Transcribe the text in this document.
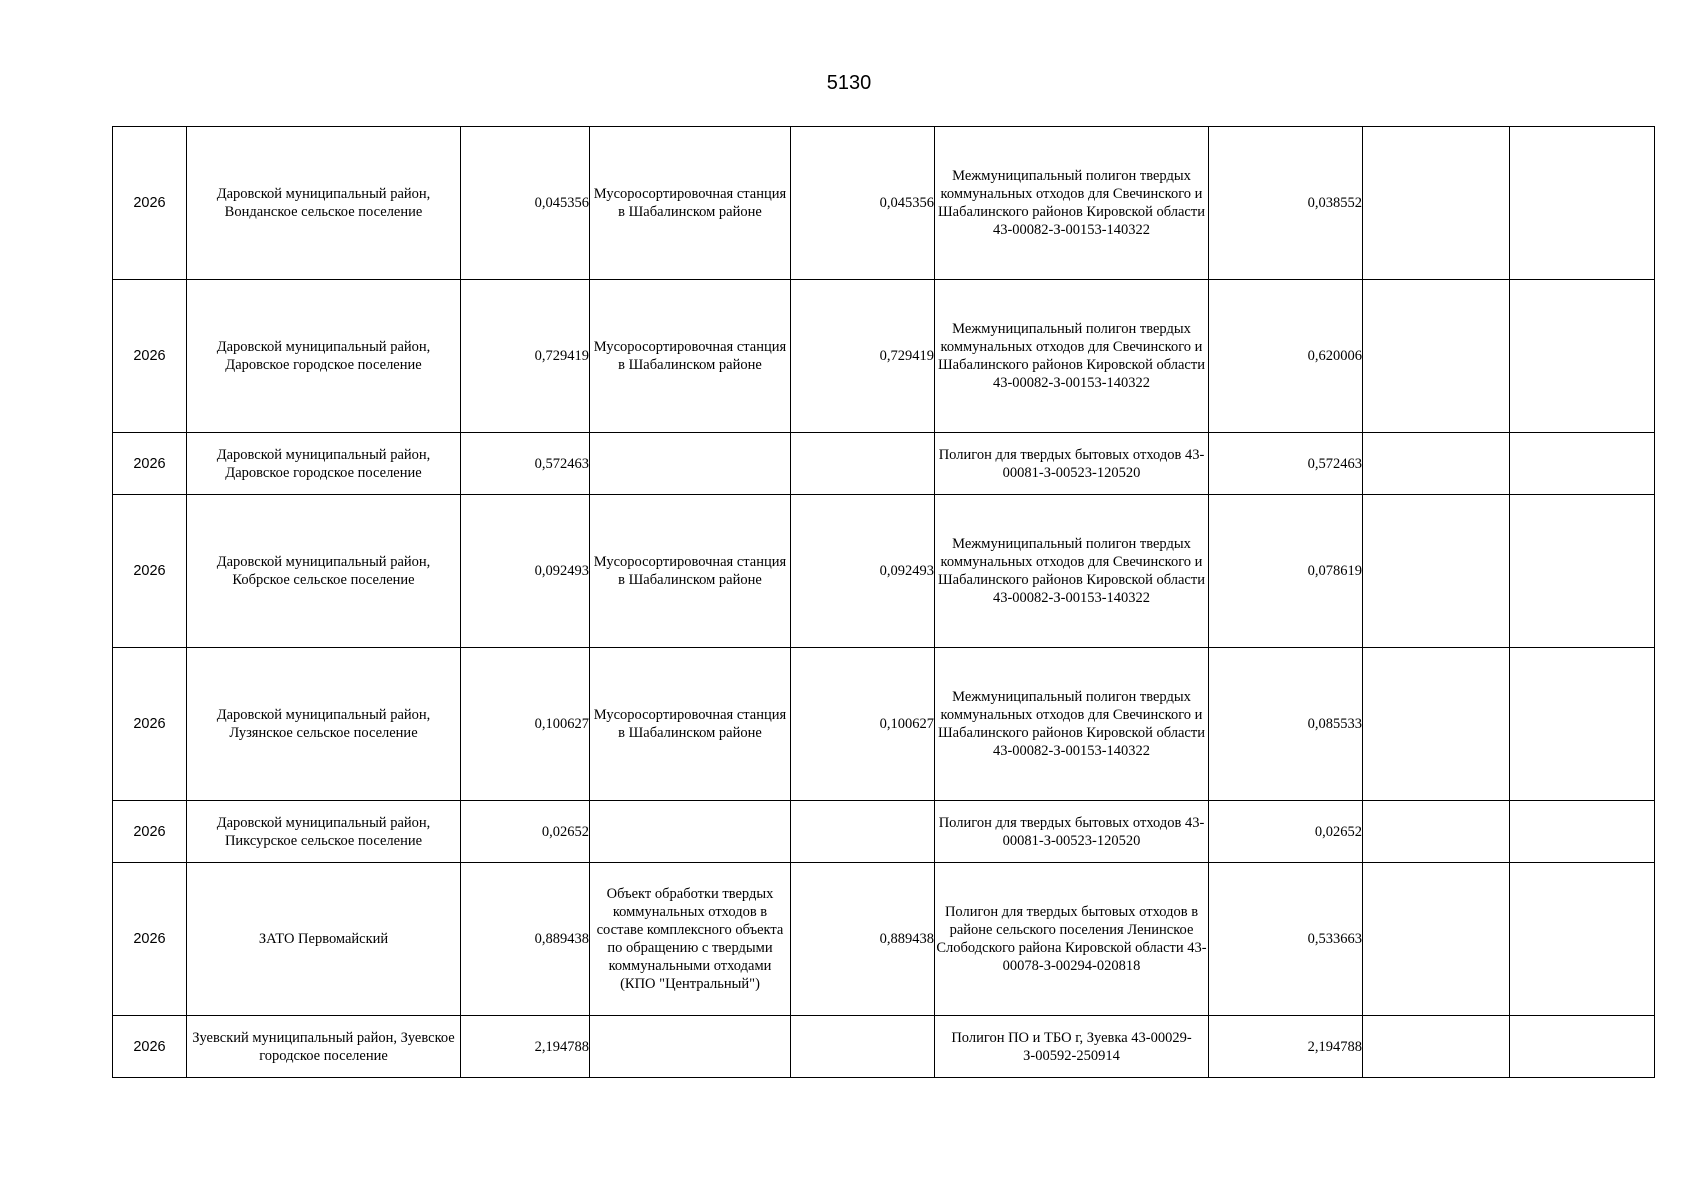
5130
2026	Даровской муниципальный район, Вонданское сельское поселение	0,045356	Мусоросортировочная станция в Шабалинском районе	0,045356	Межмуниципальный полигон твердых коммунальных отходов для Свечинского и Шабалинского районов Кировской области 43-00082-З-00153-140322	0,038552		
2026	Даровской муниципальный район, Даровское городское поселение	0,729419	Мусоросортировочная станция в Шабалинском районе	0,729419	Межмуниципальный полигон твердых коммунальных отходов для Свечинского и Шабалинского районов Кировской области 43-00082-З-00153-140322	0,620006		
2026	Даровской муниципальный район, Даровское городское поселение	0,572463			Полигон для твердых бытовых отходов 43-00081-З-00523-120520	0,572463		
2026	Даровской муниципальный район, Кобрское сельское поселение	0,092493	Мусоросортировочная станция в Шабалинском районе	0,092493	Межмуниципальный полигон твердых коммунальных отходов для Свечинского и Шабалинского районов Кировской области 43-00082-З-00153-140322	0,078619		
2026	Даровской муниципальный район, Лузянское сельское поселение	0,100627	Мусоросортировочная станция в Шабалинском районе	0,100627	Межмуниципальный полигон твердых коммунальных отходов для Свечинского и Шабалинского районов Кировской области 43-00082-З-00153-140322	0,085533		
2026	Даровской муниципальный район, Пиксурское сельское поселение	0,02652			Полигон для твердых бытовых отходов 43-00081-З-00523-120520	0,02652		
2026	ЗАТО Первомайский	0,889438	Объект обработки твердых коммунальных отходов в составе комплексного объекта по обращению с твердыми коммунальными отходами (КПО "Центральный")	0,889438	Полигон для твердых бытовых отходов в районе сельского поселения Ленинское Слободского района Кировской области 43-00078-З-00294-020818	0,533663		
2026	Зуевский муниципальный район, Зуевское городское поселение	2,194788			Полигон ПО и ТБО г, Зуевка 43-00029-З-00592-250914	2,194788		
